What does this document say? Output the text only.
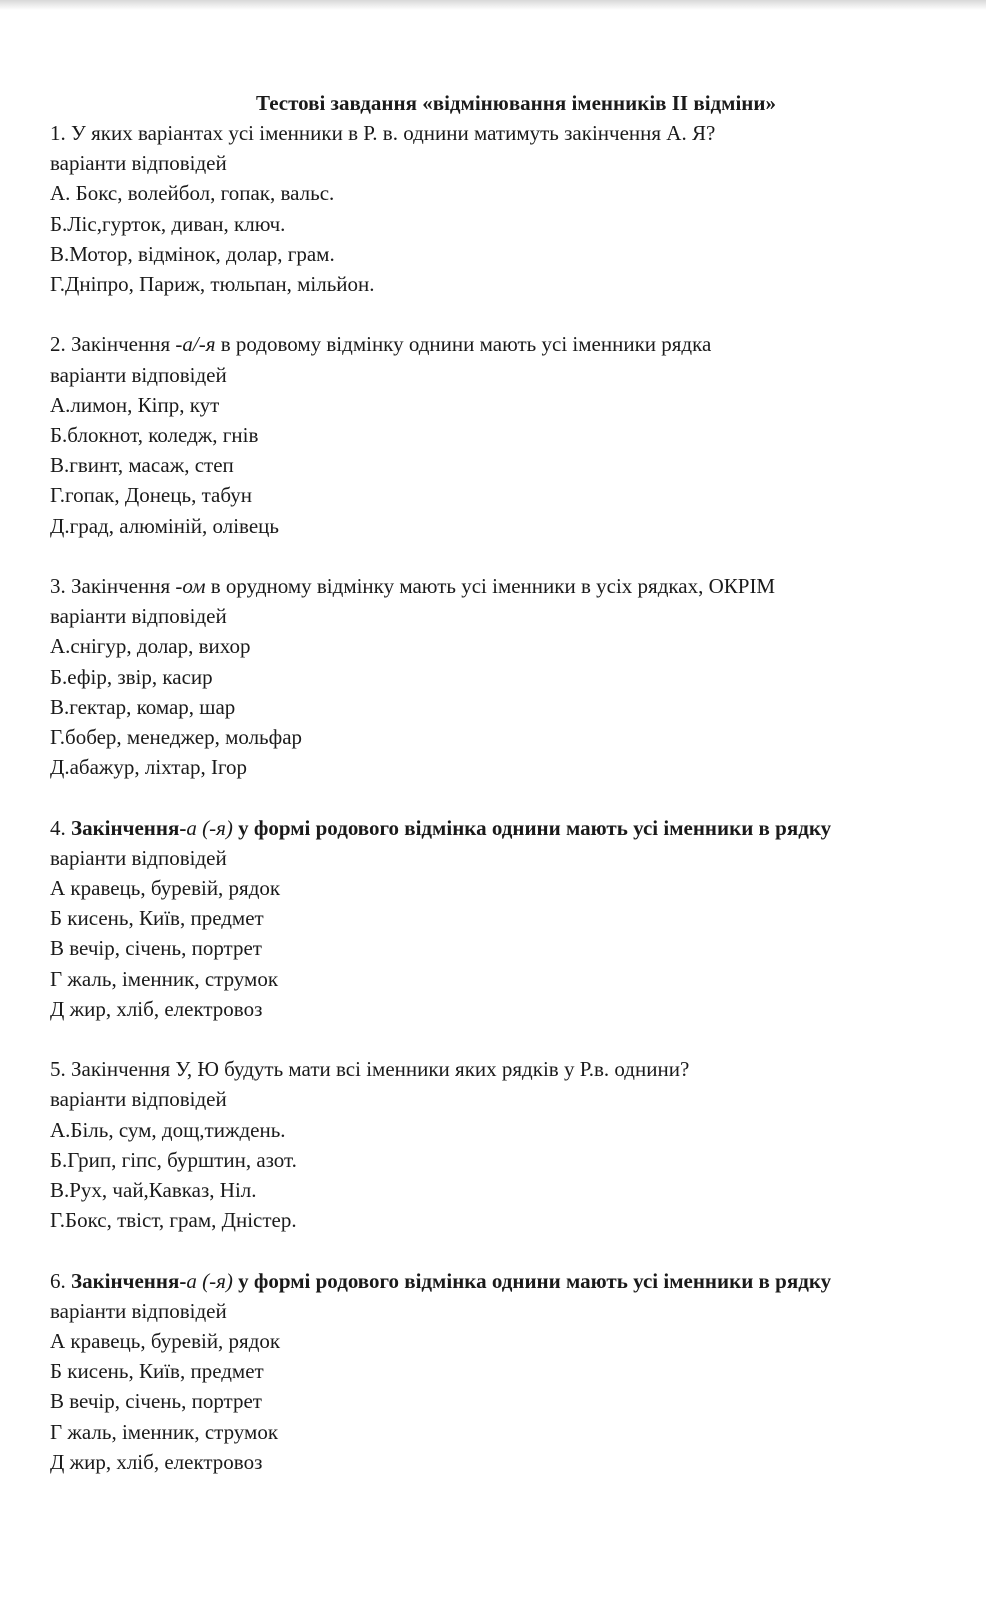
Тестові завдання «відмінювання іменників ІІ відміни»
1. У яких варіантах усі іменники в Р. в. однини матимуть закінчення А. Я?
варіанти відповідей
А. Бокс, волейбол, гопак, вальс.
Б.Ліс,гурток, диван, ключ.
В.Мотор, відмінок, долар, грам.
Г.Дніпро, Париж, тюльпан, мільйон.
2. Закінчення -а/-я в родовому відмінку однини мають усі іменники рядка
варіанти відповідей
А.лимон, Кіпр, кут
Б.блокнот, коледж, гнів
В.гвинт, масаж, степ
Г.гопак, Донець, табун
Д.град, алюміній, олівець
3. Закінчення -ом в орудному відмінку мають усі іменники в усіх рядках, ОКРІМ
варіанти відповідей
А.снігур, долар, вихор
Б.ефір, звір, касир
В.гектар, комар, шар
Г.бобер, менеджер, мольфар
Д.абажур, ліхтар, Ігор
4. Закінчення-а (-я) у формі родового відмінка однини мають усі іменники в рядку
варіанти відповідей
А кравець, буревій, рядок
Б кисень, Київ, предмет
В вечір, січень, портрет
Г жаль, іменник, струмок
Д жир, хліб, електровоз
5. Закінчення У, Ю будуть мати всі іменники яких рядків у Р.в. однини?
варіанти відповідей
А.Біль, сум, дощ,тиждень.
Б.Грип, гіпс, бурштин, азот.
В.Рух, чай,Кавказ, Ніл.
Г.Бокс, твіст, грам, Дністер.
6. Закінчення-а (-я) у формі родового відмінка однини мають усі іменники в рядку
варіанти відповідей
А кравець, буревій, рядок
Б кисень, Київ, предмет
В вечір, січень, портрет
Г жаль, іменник, струмок
Д жир, хліб, електровоз
